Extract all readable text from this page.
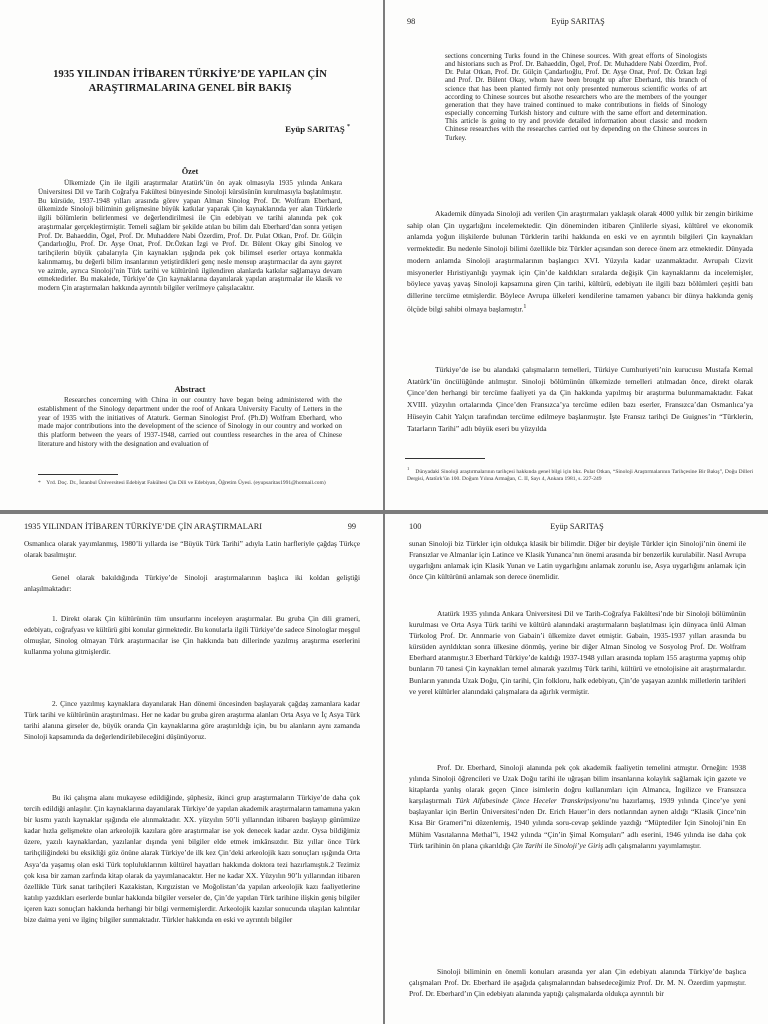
1935 YILINDAN İTİBAREN TÜRKİYE’DE YAPILAN ÇİN ARAŞTIRMALARINA GENEL BİR BAKIŞ
Eyüp SARITAŞ *
Özet

Ülkemizde Çin ile ilgili araştırmalar Atatürk’ün ön ayak olmasıyla 1935 yılında Ankara Üniversitesi Dil ve Tarih Coğrafya Fakültesi bünyesinde Sinoloji kürsüsünün kurulmasıyla başlatılmıştır. Bu kürsüde, 1937-1948 yılları arasında görev yapan Alman Sinolog Prof. Dr. Wolfram Eberhard, ülkemizde Sinoloji biliminin gelişmesine büyük katkılar yaparak Çin kaynaklarında yer alan Türklerle ilgili bölümlerin belirlenmesi ve değerlendirilmesi ile Çin edebiyatı ve tarihi alanında pek çok araştırmalar gerçekleştirmiştir. Temeli sağlam bir şekilde atılan bu bilim dalı Eberhard’dan sonra yetişen Prof. Dr. Bahaeddin, Ögel, Prof. Dr. Muhaddere Nabi Özerdim, Prof. Dr. Pulat Otkan, Prof. Dr. Gülçin Çandarlıoğlu, Prof. Dr. Ayşe Onat, Prof. Dr.Özkan İzgi ve Prof. Dr. Bülent Okay gibi Sinolog ve tarihçilerin büyük çabalarıyla Çin kaynakları ışığında pek çok bilimsel eserler ortaya konmakla kalınmamış, bu değerli bilim insanlarının yetiştirdikleri genç nesle mensup araştırmacılar da aynı gayret ve azimle, ayrıca Sinoloji’nin Türk tarihi ve kültürünü ilgilendiren alanlarda katkılar sağlamaya devam etmektedirler. Bu makalede, Türkiye’de Çin kaynaklarına dayanılarak yapılan araştırmalar ile klasik ve modern Çin araştırmaları hakkında ayrıntılı bilgiler verilmeye çalışılacaktır.

Abstract

Researches concerning with China in our country have began being administered with the establishment of the Sinology department under the roof of Ankara University Faculty of Letters in the year of 1935 with the initiatives of Ataturk. German Sinologist Prof. (Ph.D) Wolfram Eberhard, who made major contributions into the development of the science of Sinology in our country and worked on this platform between the years of 1937-1948, carried out countless researches in the area of Chinese literature and history with the designation and evaluation of

* Yrd. Doç. Dr., İstanbul Üniversitesi Edebiyat Fakültesi Çin Dili ve Edebiyatı, Öğretim Üyesi. (eyupsaritas1991@hotmail.com)

98	Eyüp SARITAŞ

sections concerning Turks found in the Chinese sources. With great efforts of Sinologists and historians such as Prof. Dr. Bahaeddin, Ögel, Prof. Dr. Muhaddere Nabi Özerdim, Prof. Dr. Pulat Otkan, Prof. Dr. Gülçin Çandarlıoğlu, Prof. Dr. Ayşe Onat, Prof. Dr. Özkan İzgi and Prof. Dr. Bülent Okay, whom have been brought up after Eberhard, this branch of science that has been planted firmly not only presented numerous scientific works of art according to Chinese sources but alsothe researchers who are the members of the younger generation that they have trained continued to make contributions in fields of Sinology especially concerning Turkish history and culture with the same effort and determination. This article is going to try and provide detailed information about classic and modern Chinese researches with the researches carried out by depending on the Chinese sources in Turkey.

Akademik dünyada Sinoloji adı verilen Çin araştırmaları yaklaşık olarak 4000 yıllık bir zengin birikime sahip olan Çin uygarlığını incelemektedir. Qin döneminden itibaren Çinlilerle siyasi, kültürel ve ekonomik anlamda yoğun ilişkilerde bulunan Türklerin tarihi hakkında en eski ve en ayrıntılı bilgileri Çin kaynakları vermektedir. Bu nedenle Sinoloji bilimi özellikle biz Türkler açısından son derece önem arz etmektedir. Dünyada modern anlamda Sinoloji araştırmalarının başlangıcı XVI. Yüzyıla kadar uzanmaktadır. Avrupalı Cizvit misyonerler Hıristiyanlığı yaymak için Çin’de kaldıkları sıralarda değişik Çin kaynaklarını da incelemişler, böylece yavaş yavaş Sinoloji kapsamına giren Çin tarihi, kültürü, edebiyatı ile ilgili bazı bölümleri çeşitli batı dillerine tercüme etmişlerdir. Böylece Avrupa ülkeleri kendilerine tamamen yabancı bir dünya hakkında geniş ölçüde bilgi sahibi olmaya başlamıştır.$^1$

Türkiye’de ise bu alandaki çalışmaların temelleri, Türkiye Cumhuriyeti’nin kurucusu Mustafa Kemal Atatürk’ün öncülüğünde atılmıştır. Sinoloji bölümünün ülkemizde temelleri atılmadan önce, direkt olarak Çince’den herhangi bir tercüme faaliyeti ya da Çin hakkında yapılmış bir araştırma bulunmamaktadır. Fakat XVIII. yüzyılın ortalarında Çince’den Fransızca’ya tercüme edilen bazı eserler, Fransızca’dan Osmanlıca’ya Hüseyin Cahit Yalçın tarafından tercüme edilmeye başlanmıştır. İşte Fransız tarihçi De Guignes’in “Türklerin, Tatarların Tarihi” adlı büyük eseri bu yüzyılda

$^1$    Dünyadaki Sinoloji araştırmalarının tarihçesi hakkında genel bilgi için bkz. Pulat Otkan, “Sinoloji Araştırmalarının Tarihçesine Bir Bakış”, Doğu Dilleri Dergisi, Atatürk’ün 100. Doğum Yılına Armağan, C. II, Sayı 4, Ankara 1981, s. 227-249

1935 YILINDAN İTİBAREN TÜRKİYE’DE ÇİN ARAŞTIRMALARI	99

Osmanlıca olarak yayımlanmış, 1980’li yıllarda ise “Büyük Türk Tarihi” adıyla Latin harfleriyle çağdaş Türkçe olarak basılmıştır.

Genel olarak bakıldığında Türkiye’de Sinoloji araştırmalarının başlıca iki koldan geliştiği anlaşılmaktadır:

1. Direkt olarak Çin kültürünün tüm unsurlarını inceleyen araştırmalar. Bu gruba Çin dili grameri, edebiyatı, coğrafyası ve kültürü gibi konular girmektedir. Bu konularla ilgili Türkiye’de sadece Sinologlar meşgul olmuşlar, Sinolog olmayan Türk araştırmacılar ise Çin hakkında batı dillerinde yazılmış araştırma eserlerini kullanma yoluna gitmişlerdir.

2. Çince yazılmış kaynaklara dayanılarak Han dönemi öncesinden başlayarak çağdaş zamanlara kadar Türk tarihi ve kültürünün araştırılması. Her ne kadar bu gruba giren araştırma alanları Orta Asya ve İç Asya Türk tarihi alanına girseler de, büyük oranda Çin kaynaklarına göre araştırıldığı için, bu bu alanların aynı zamanda Sinoloji kapsamında da değerlendirilebileceğini düşünüyoruz.

Bu iki çalışma alanı mukayese edildiğinde, şüphesiz, ikinci grup araştırmaların Türkiye’de daha çok tercih edildiği anlaşılır. Çin kaynaklarına dayanılarak Türkiye’de yapılan akademik araştırmaların tamamına yakın bir kısmı yazılı kaynaklar ışığında ele alınmaktadır. XX. yüzyılın 50’li yıllarından itibaren başlayıp günümüze kadar hızla gelişmekte olan arkeolojik kazılara göre araştırmalar ise yok denecek kadar azdır. Oysa bildiğimiz üzere, yazılı kaynaklardan, yazılanlar dışında yeni bilgiler elde etmek imkânsızdır. Biz yıllar önce Türk tarihçiliğindeki bu eksikliği göz önüne alarak Türkiye’de ilk kez Çin’deki arkeolojik kazı sonuçları ışığında Orta Asya’da yaşamış olan eski Türk topluluklarının kültürel hayatları hakkında doktora tezi hazırlamıştık.2 Tezimiz çok kısa bir zaman zarfında kitap olarak da yayımlanacaktır. Her ne kadar XX. Yüzyılın 90’lı yıllarından itibaren özellikle Türk sanat tarihçileri Kazakistan, Kırgızistan ve Moğolistan’da yapılan arkeolojik kazı faaliyetlerine katılıp yazdıkları eserlerde bunlar hakkında bilgiler verseler de, Çin’de yapılan Türk tarihine ilişkin geniş bilgiler içeren kazı sonuçları hakkında herhangi bir bilgi vermemişlerdir. Arkeolojik kazılar sonucunda ulaşılan kalıntılar bize daima yeni ve ilginç bilgiler sunmaktadır. Türkler hakkında en eski ve ayrıntılı bilgiler

100	Eyüp SARITAŞ

sunan Sinoloji biz Türkler için oldukça klasik bir bilimdir. Diğer bir deyişle Türkler için Sinoloji’nin önemi ile Fransızlar ve Almanlar için Latince ve Klasik Yunanca’nın önemi arasında bir benzerlik kurulabilir. Nasıl Avrupa uygarlığını anlamak için Klasik Yunan ve Latin uygarlığını anlamak zorunlu ise, Asya uygarlığını anlamak için önce Çin kültürünü anlamak son derece önemlidir.

Atatürk 1935 yılında Ankara Üniversitesi Dil ve Tarih-Coğrafya Fakültesi’nde bir Sinoloji bölümünün kurulması ve Orta Asya Türk tarihi ve kültürü alanındaki araştırmaların başlatılması için dünyaca ünlü Alman Türkolog Prof. Dr. Annmarie von Gabain’i ülkemize davet etmiştir. Gabain, 1935-1937 yılları arasında bu kürsüden ayrıldıktan sonra ülkesine dönmüş, yerine bir diğer Alman Sinolog ve Sosyolog Prof. Dr. Wolfram Eberhard atanmıştır.3 Eberhard Türkiye’de kaldığı 1937-1948 yılları arasında toplam 155 araştırma yapmış ohip bunların 70 tanesi Çin kaynakları temel alınarak yazılmış Türk tarihi, kültürü ve etnolojisine ait araştırmalardır. Bunların yanında Uzak Doğu, Çin tarihi, Çin folkloru, halk edebiyatı, Çin’de yaşayan azınlık milletlerin tarihleri ve yerel kültürler alanındaki çalışmalara da ağırlık vermiştir.

Prof. Dr. Eberhard, Sinoloji alanında pek çok akademik faaliyetin temelini atmıştır. Örneğin: 1938 yılında Sinoloji öğrencileri ve Uzak Doğu tarihi ile uğraşan bilim insanlarına kolaylık sağlamak için gazete ve kitaplarda yanlış olarak geçen Çince isimlerin doğru kullanımları için Almanca, İngilizce ve Fransızca karşılaştırmalı Türk Alfabesinde Çince Heceler Transkripsiyonu’nu hazırlamış, 1939 yılında Çince’ye yeni başlayanlar için Berlin Üniversitesi’nden Dr. Erich Hauer’in ders notlarından aynen aldığı “Klasik Çince’nin Kısa Bir Grameri”ni düzenlemiş, 1940 yılında soru-cevap şeklinde yazdığı “Müptediler İçin Sinoloji’nin En Mühim Vasıtalarına Methal”i, 1942 yılında “Çin’in Şimal Komşuları” adlı eserini, 1946 yılında ise daha çok Türk tarihinin ön plana çıkarıldığı Çin Tarihi ile Sinoloji’ye Giriş adlı çalışmalarını yayımlamıştır.

Sinoloji biliminin en önemli konuları arasında yer alan Çin edebiyatı alanında Türkiye’de başlıca çalışmaları Prof. Dr. Eberhard ile aşağıda çalışmalarından bahsedeceğimiz Prof. Dr. M. N. Özerdim yapmıştır. Prof. Dr. Eberhard’ın Çin edebiyatı alanında yaptığı çalışmalarda oldukça ayrıntılı bir
